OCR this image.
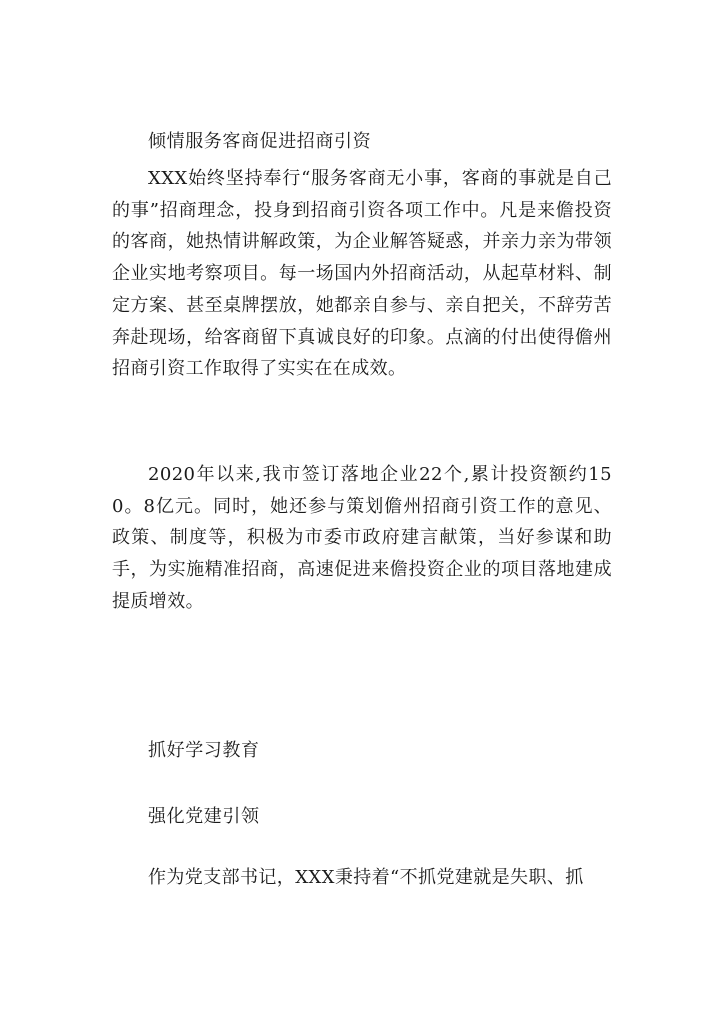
倾情服务客商促进招商引资

XXX始终坚持奉行“服务客商无小事，客商的事就是自己的事”招商理念，投身到招商引资各项工作中。凡是来儋投资的客商，她热情讲解政策，为企业解答疑惑，并亲力亲为带领企业实地考察项目。每一场国内外招商活动，从起草材料、制定方案、甚至桌牌摆放，她都亲自参与、亲自把关，不辞劳苦奔赴现场，给客商留下真诚良好的印象。点滴的付出使得儋州招商引资工作取得了实实在在成效。

2020年以来,我市签订落地企业22个,累计投资额约150。8亿元。同时，她还参与策划儋州招商引资工作的意见、政策、制度等，积极为市委市政府建言献策，当好参谋和助手，为实施精准招商，高速促进来儋投资企业的项目落地建成提质增效。

抓好学习教育
强化党建引领

作为党支部书记，XXX秉持着“不抓党建就是失职、抓
